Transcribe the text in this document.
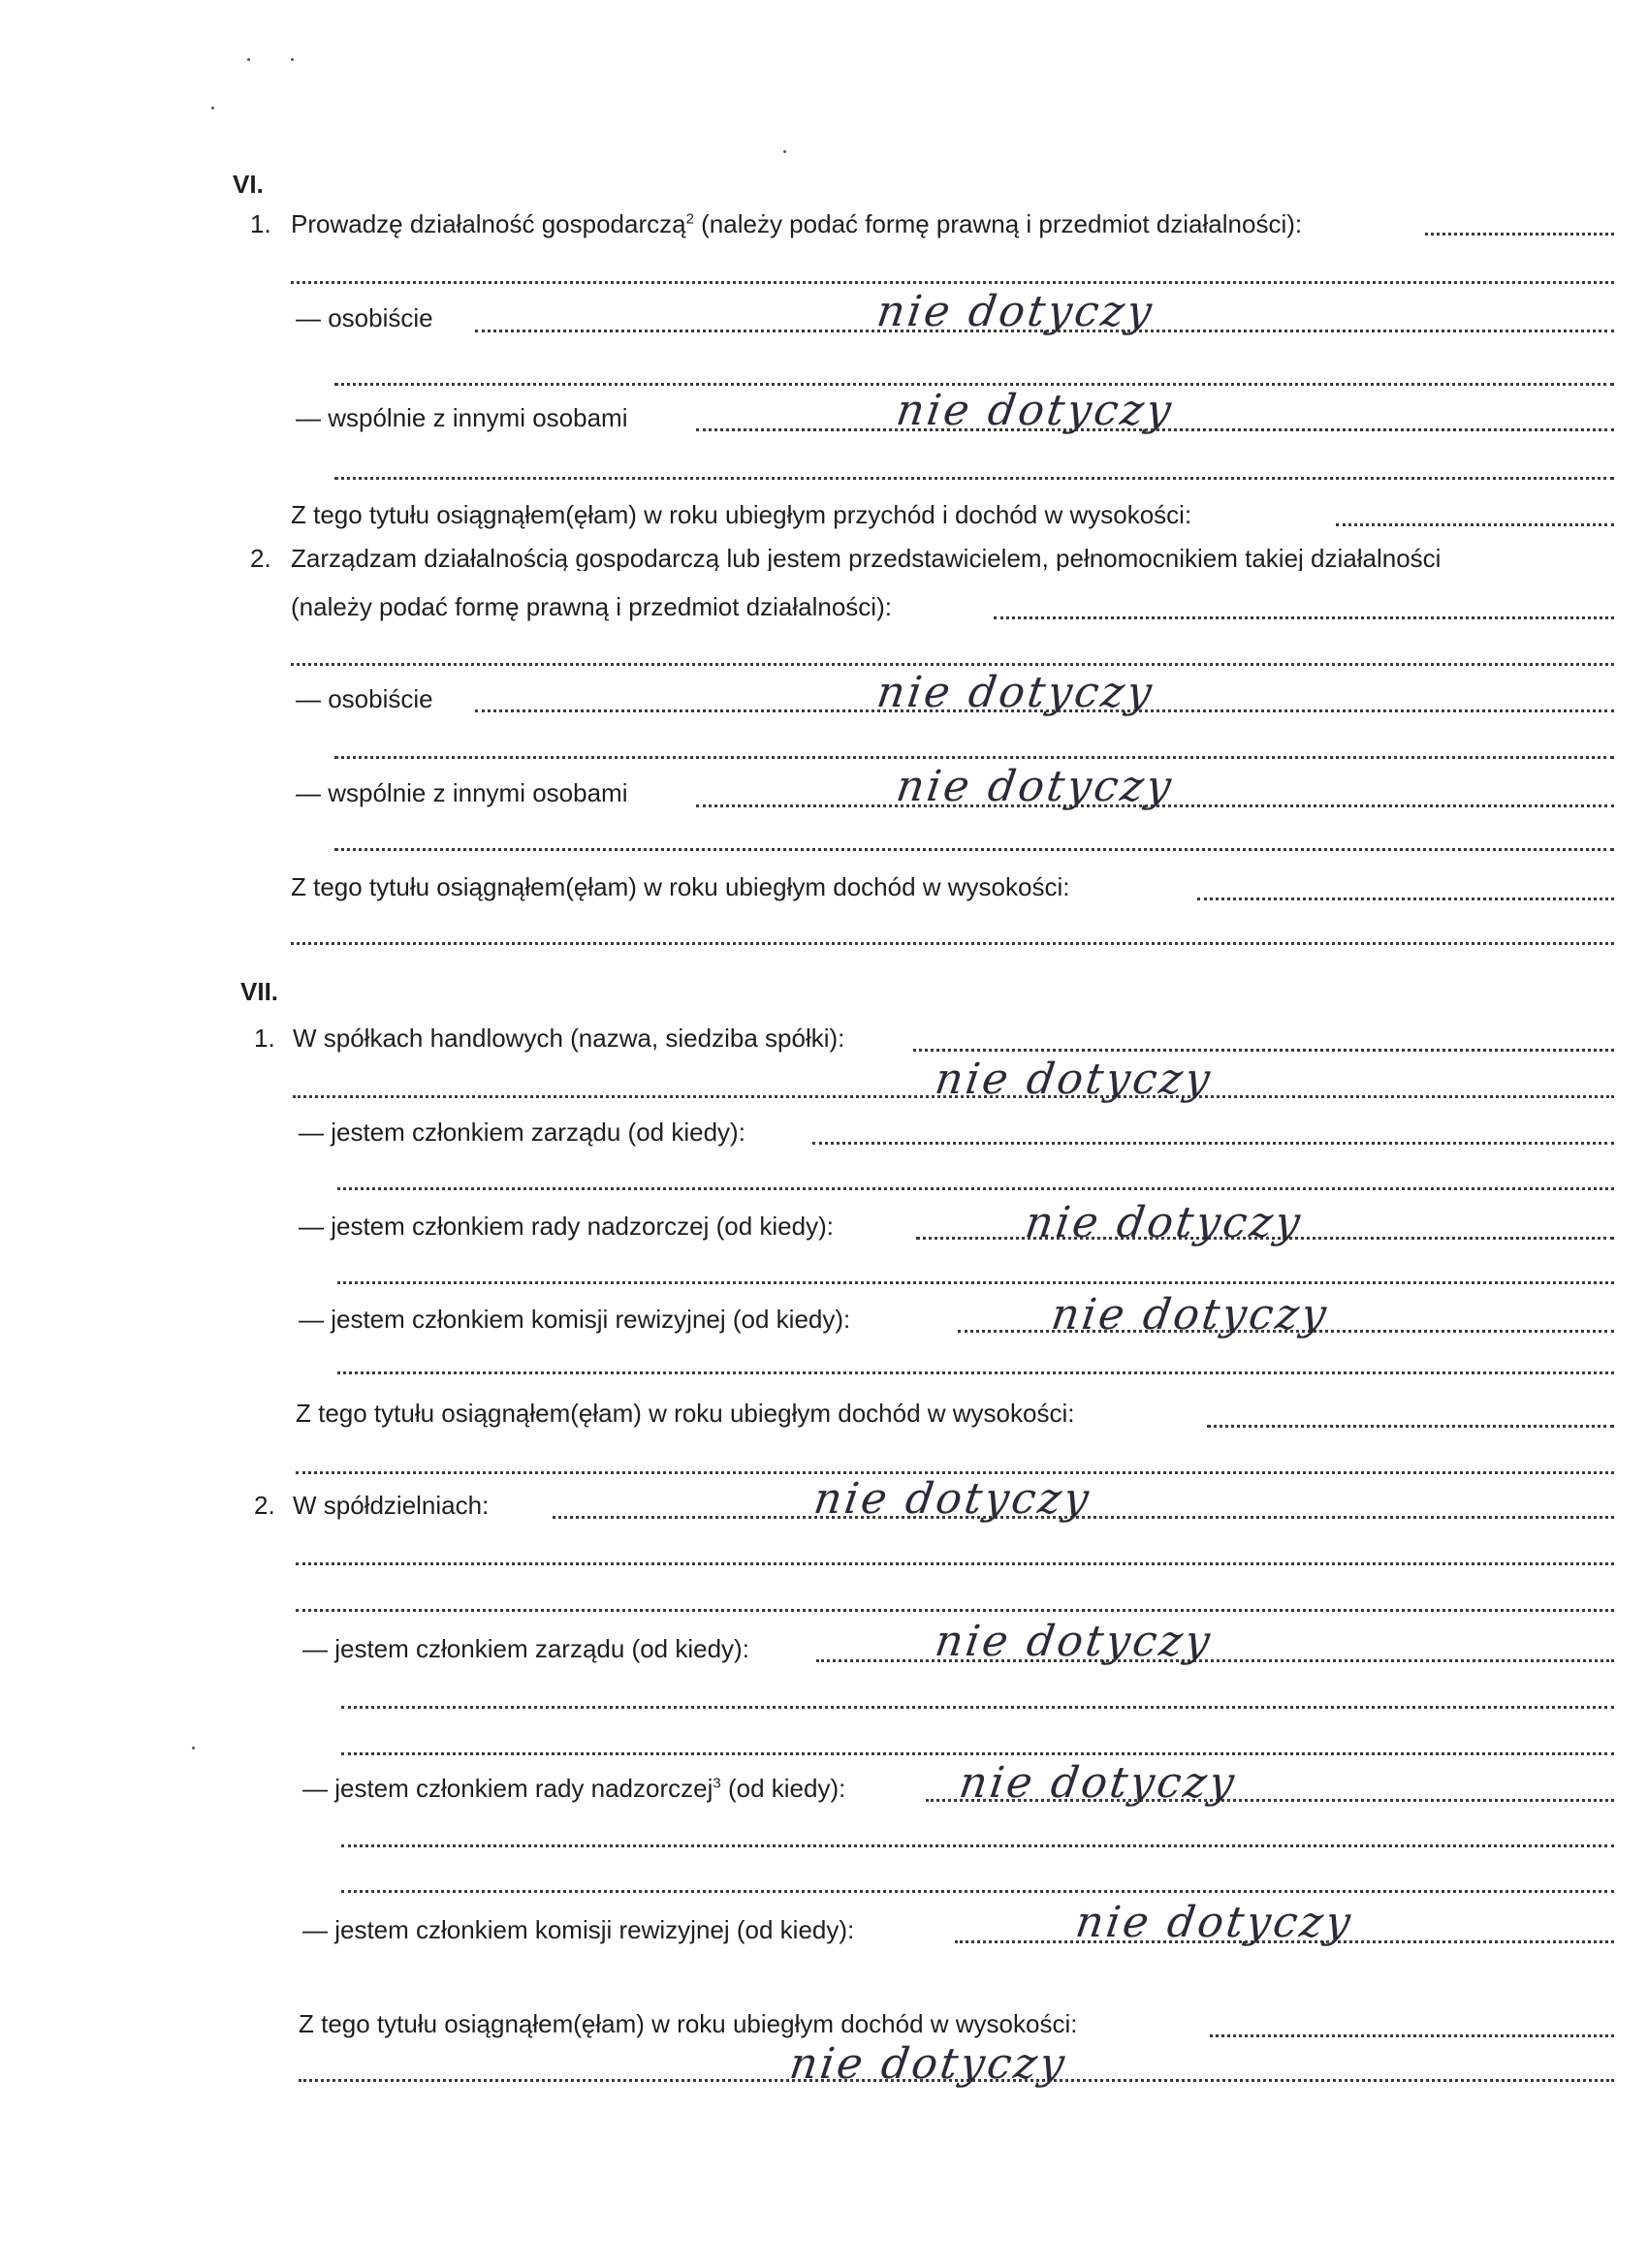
VI.
1. Prowadzę działalność gospodarczą$^2$ (należy podać formę prawną i przedmiot działalności):
— osobiście	nie dotyczy
— wspólnie z innymi osobami	nie dotyczy
Z tego tytułu osiągnąłem(ęłam) w roku ubiegłym przychód i dochód w wysokości:
2. Zarządzam działalnością gospodarczą lub jestem przedstawicielem, pełnomocnikiem takiej działalności
(należy podać formę prawną i przedmiot działalności):
— osobiście	nie dotyczy
— wspólnie z innymi osobami	nie dotyczy
Z tego tytułu osiągnąłem(ęłam) w roku ubiegłym dochód w wysokości:
VII.
1. W spółkach handlowych (nazwa, siedziba spółki):
nie dotyczy
— jestem członkiem zarządu (od kiedy):
— jestem członkiem rady nadzorczej (od kiedy):	nie dotyczy
— jestem członkiem komisji rewizyjnej (od kiedy):	nie dotyczy
Z tego tytułu osiągnąłem(ęłam) w roku ubiegłym dochód w wysokości:
2. W spółdzielniach:	nie dotyczy
— jestem członkiem zarządu (od kiedy):	nie dotyczy
— jestem członkiem rady nadzorczej$^3$ (od kiedy):	nie dotyczy
— jestem członkiem komisji rewizyjnej (od kiedy):	nie dotyczy
Z tego tytułu osiągnąłem(ęłam) w roku ubiegłym dochód w wysokości:
nie dotyczy
